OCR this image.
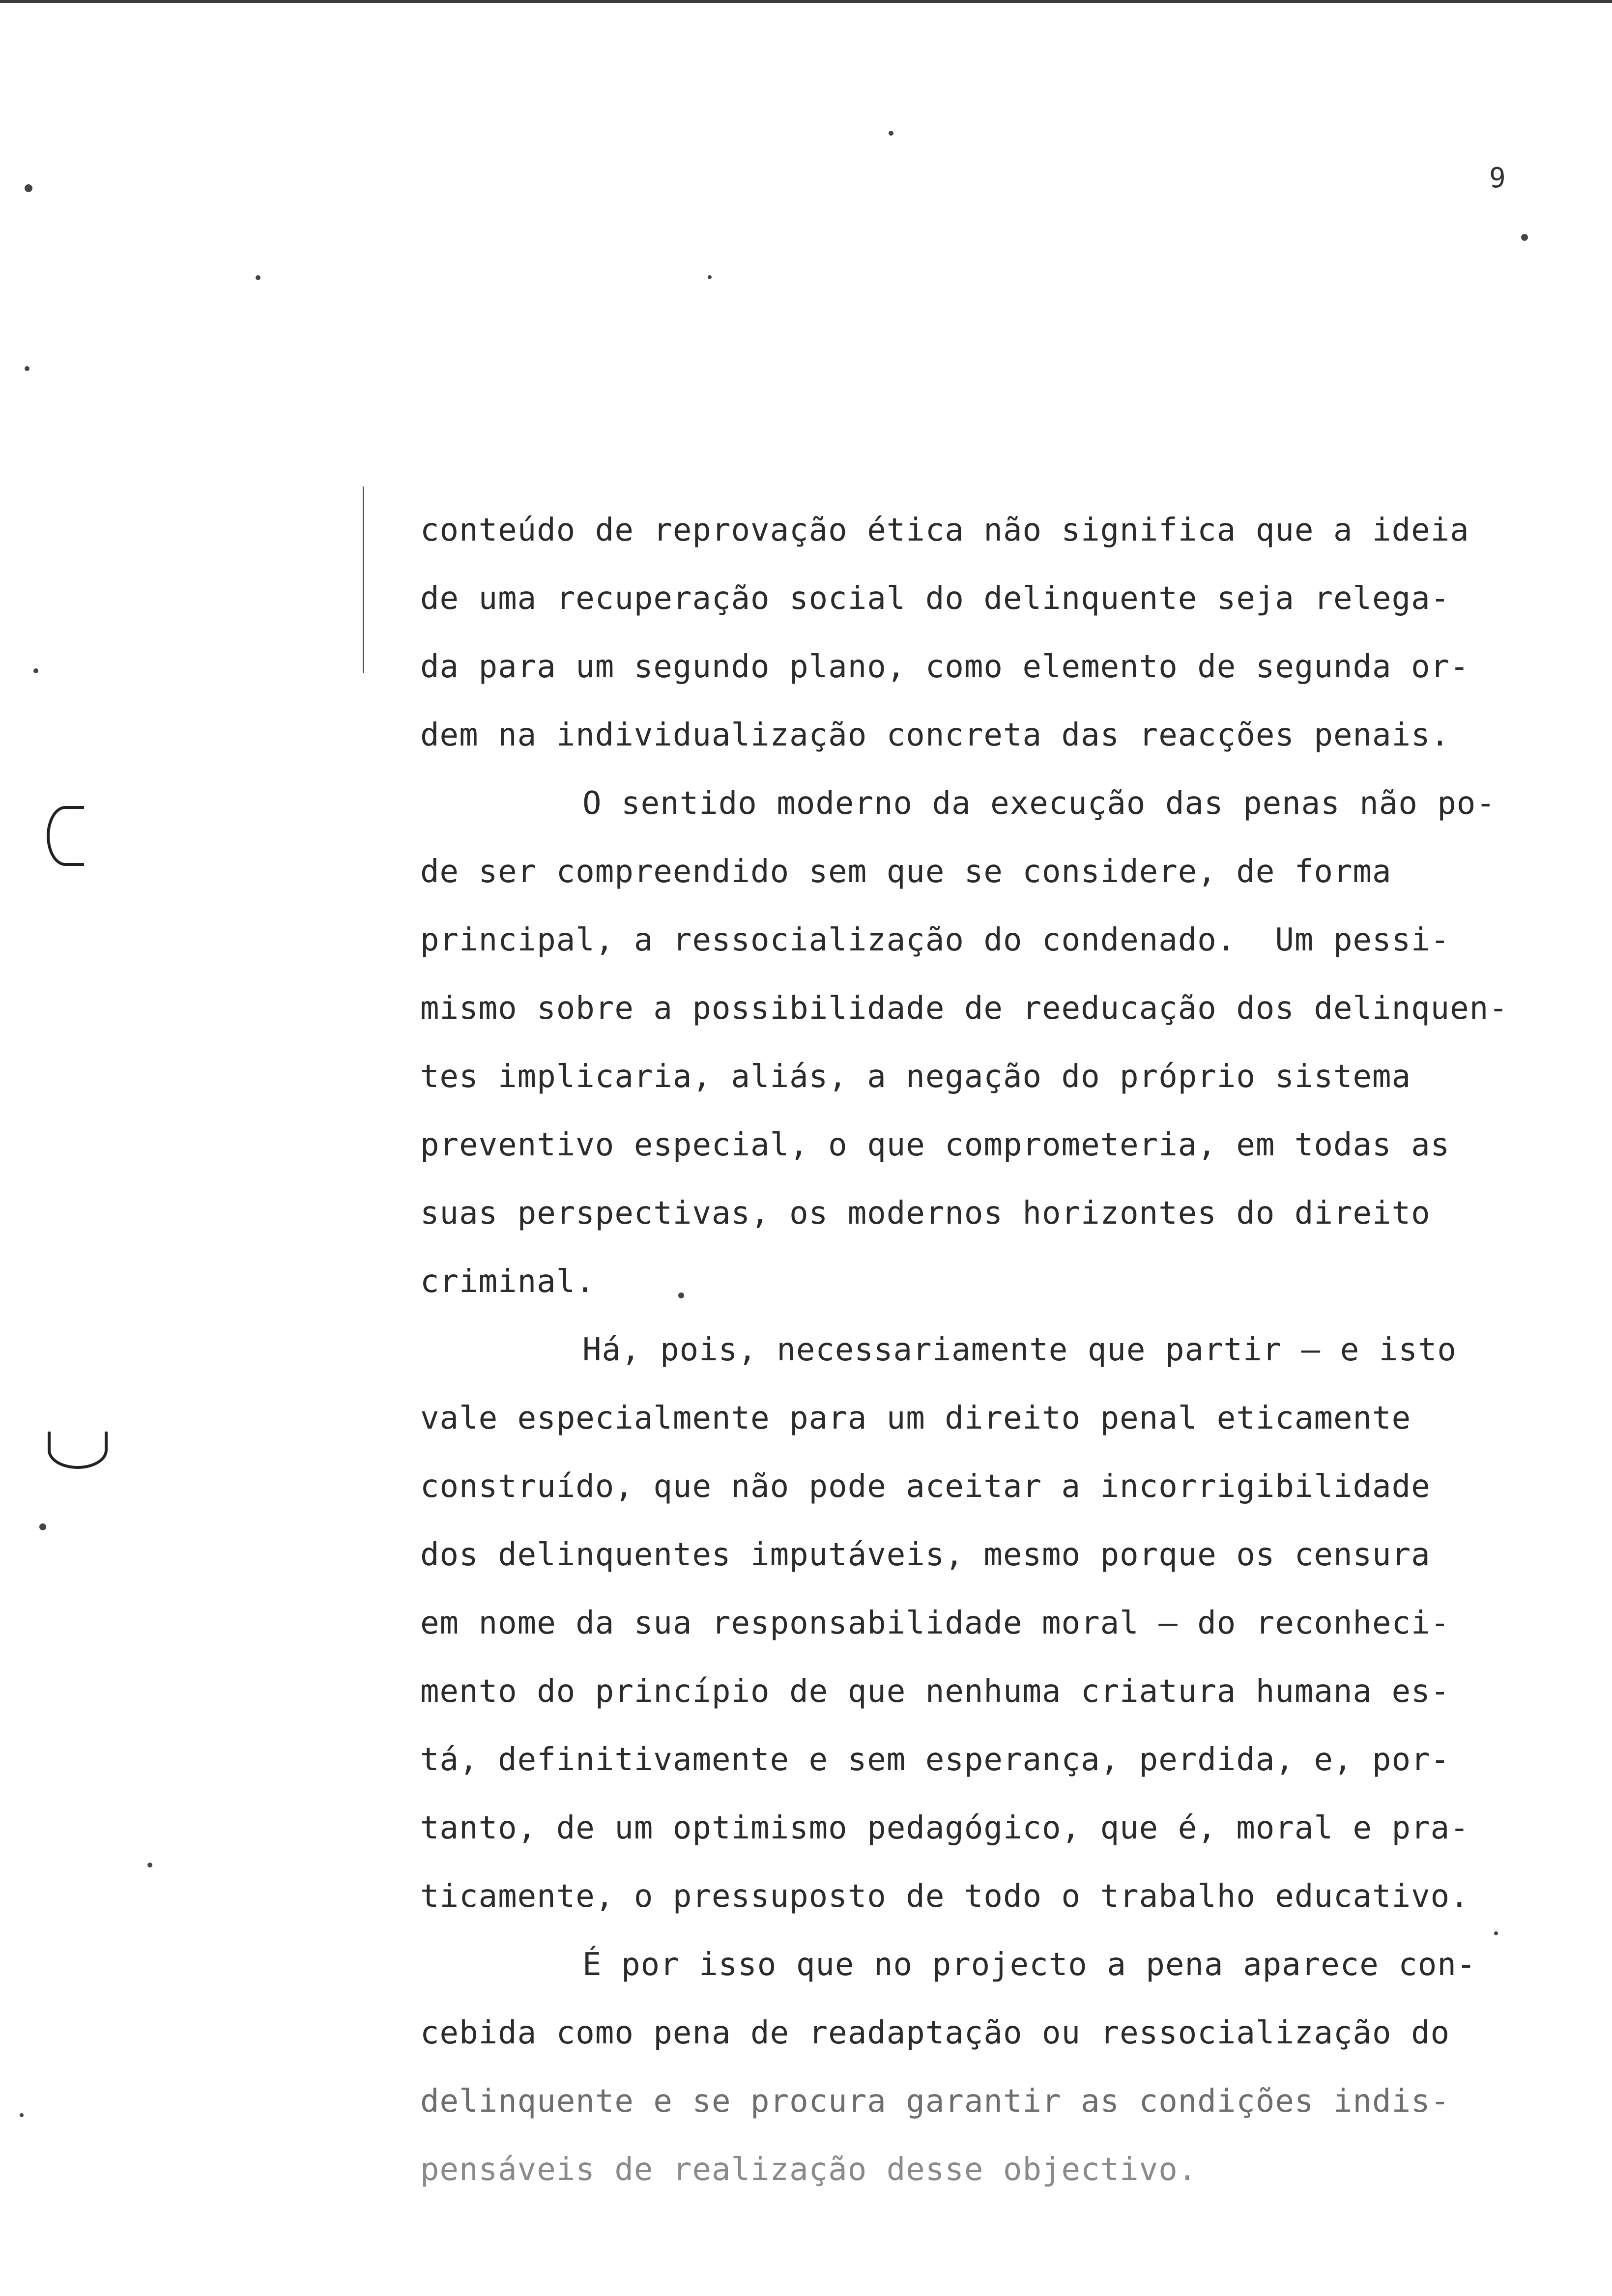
9
conteúdo de reprovação ética não significa que a ideia
de uma recuperação social do delinquente seja relega-
da para um segundo plano, como elemento de segunda or-
dem na individualização concreta das reacções penais.
O sentido moderno da execução das penas não po-
de ser compreendido sem que se considere, de forma
principal, a ressocialização do condenado.  Um pessi-
mismo sobre a possibilidade de reeducação dos delinquen-
tes implicaria, aliás, a negação do próprio sistema
preventivo especial, o que comprometeria, em todas as
suas perspectivas, os modernos horizontes do direito
criminal.
Há, pois, necessariamente que partir — e isto
vale especialmente para um direito penal eticamente
construído, que não pode aceitar a incorrigibilidade
dos delinquentes imputáveis, mesmo porque os censura
em nome da sua responsabilidade moral — do reconheci-
mento do princípio de que nenhuma criatura humana es-
tá, definitivamente e sem esperança, perdida, e, por-
tanto, de um optimismo pedagógico, que é, moral e pra-
ticamente, o pressuposto de todo o trabalho educativo.
É por isso que no projecto a pena aparece con-
cebida como pena de readaptação ou ressocialização do
delinquente e se procura garantir as condições indis-
pensáveis de realização desse objectivo.
